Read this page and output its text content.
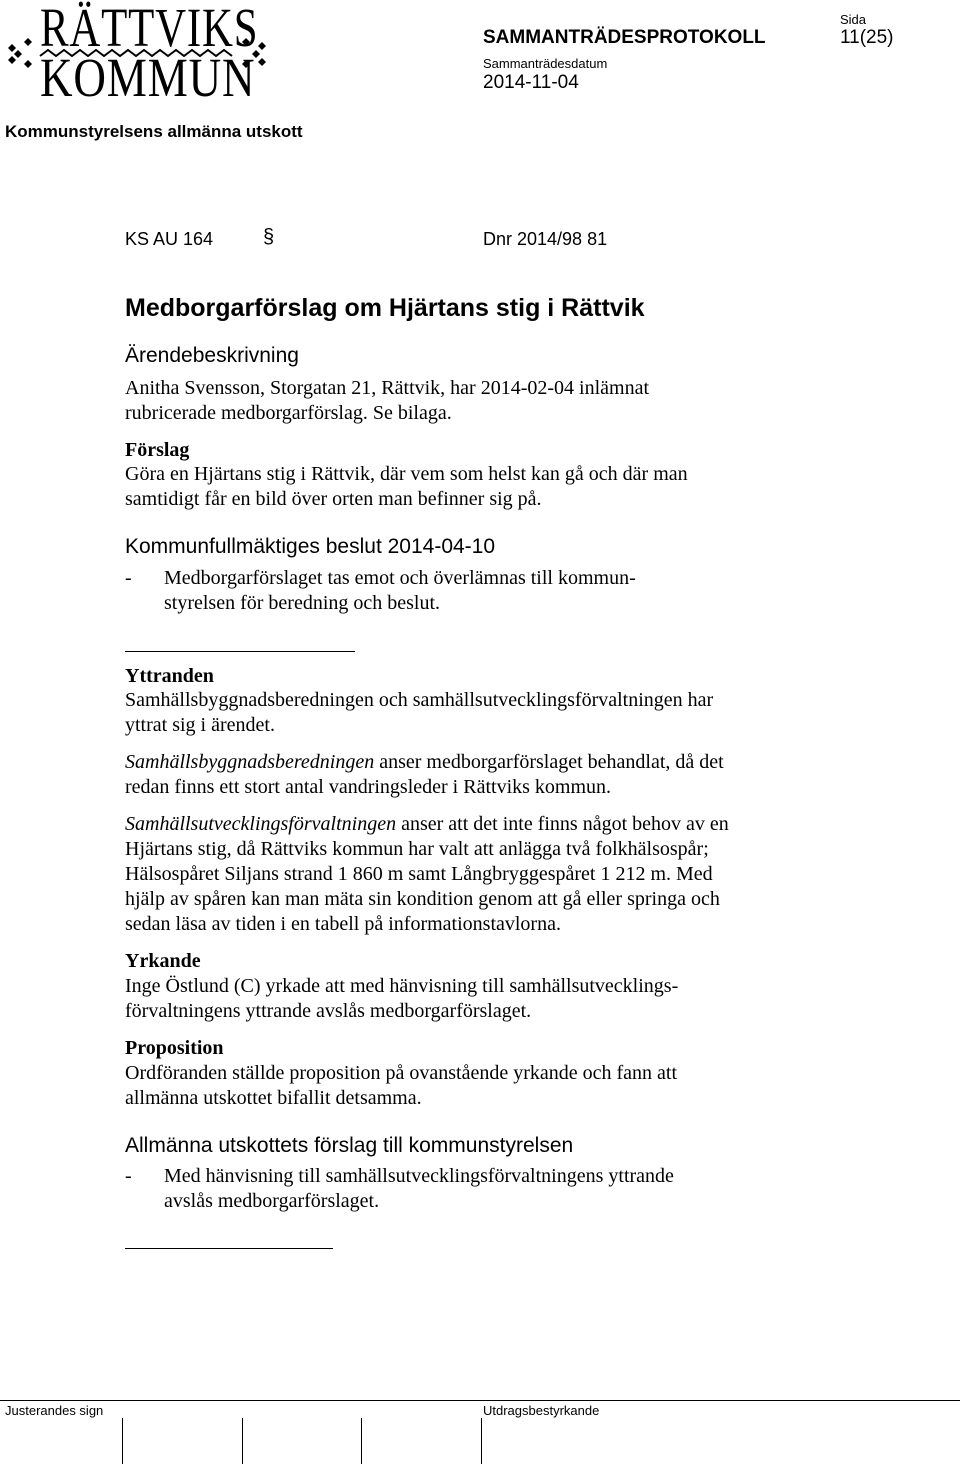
RÄTTVIKS
KOMMUN
SAMMANTRÄDESPROTOKOLL
Sida
11(25)
Sammanträdesdatum
2014-11-04
Kommunstyrelsens allmänna utskott
KS AU 164 §	Dnr 2014/98 81
Medborgarförslag om Hjärtans stig i Rättvik
Ärendebeskrivning
Anitha Svensson, Storgatan 21, Rättvik, har 2014-02-04 inlämnat
rubricerade medborgarförslag. Se bilaga.
Förslag
Göra en Hjärtans stig i Rättvik, där vem som helst kan gå och där man
samtidigt får en bild över orten man befinner sig på.
Kommunfullmäktiges beslut 2014-04-10
- Medborgarförslaget tas emot och överlämnas till kommun-
styrelsen för beredning och beslut.
Yttranden
Samhällsbyggnadsberedningen och samhällsutvecklingsförvaltningen har
yttrat sig i ärendet.
Samhällsbyggnadsberedningen anser medborgarförslaget behandlat, då det
redan finns ett stort antal vandringsleder i Rättviks kommun.
Samhällsutvecklingsförvaltningen anser att det inte finns något behov av en
Hjärtans stig, då Rättviks kommun har valt att anlägga två folkhälsospår;
Hälsospåret Siljans strand 1 860 m samt Långbryggespåret 1 212 m. Med
hjälp av spåren kan man mäta sin kondition genom att gå eller springa och
sedan läsa av tiden i en tabell på informationstavlorna.
Yrkande
Inge Östlund (C) yrkade att med hänvisning till samhällsutvecklings-
förvaltningens yttrande avslås medborgarförslaget.
Proposition
Ordföranden ställde proposition på ovanstående yrkande och fann att
allmänna utskottet bifallit detsamma.
Allmänna utskottets förslag till kommunstyrelsen
- Med hänvisning till samhällsutvecklingsförvaltningens yttrande
avslås medborgarförslaget.
Justerandes sign	Utdragsbestyrkande
